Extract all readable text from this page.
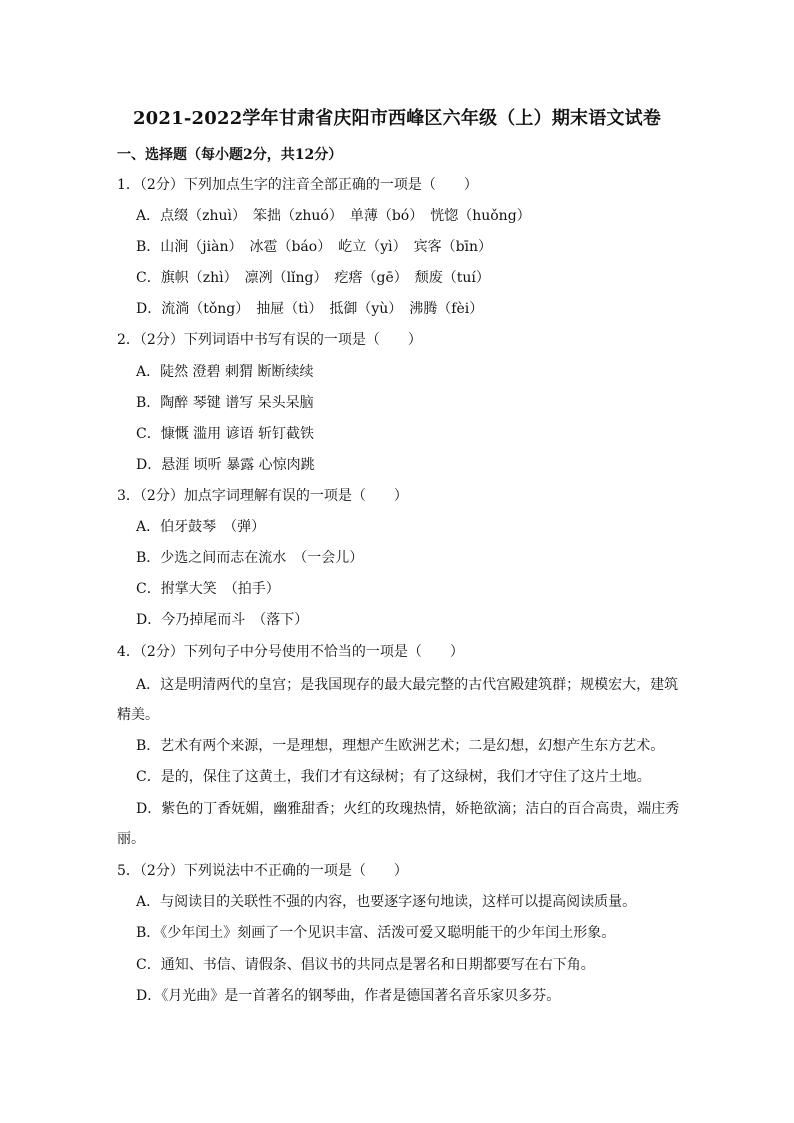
2021-2022学年甘肃省庆阳市西峰区六年级（上）期末语文试卷
一、选择题（每小题2分，共12分）
1．（2分）下列加点生字的注音全部正确的一项是（　　）
A．点缀（zhuì）　笨拙（zhuó）　单薄（bó）　恍惚（huǒng）
B．山涧（jiàn）　冰雹（báo）　屹立（yì）　宾客（bīn）
C．旗帜（zhì）　凛冽（lǐng）　疙瘩（gē）　颓废（tuí）
D．流淌（tǒng）　抽屉（tì）　抵御（yù）　沸腾（fèi）
2．（2分）下列词语中书写有误的一项是（　　）
A．陡然 澄碧 刺猬 断断续续
B．陶醉 琴键 谱写 呆头呆脑
C．慷慨 滥用 谚语 斩钉截铁
D．悬涯 顷听 暴露 心惊肉跳
3．（2分）加点字词理解有误的一项是（　　）
A．伯牙鼓琴　（弹）
B．少选之间而志在流水　（一会儿）
C．拊掌大笑　（拍手）
D．今乃掉尾而斗　（落下）
4．（2分）下列句子中分号使用不恰当的一项是（　　）
A．这是明清两代的皇宫；是我国现存的最大最完整的古代宫殿建筑群；规模宏大，建筑
精美。
B．艺术有两个来源，一是理想，理想产生欧洲艺术；二是幻想，幻想产生东方艺术。
C．是的，保住了这黄土，我们才有这绿树；有了这绿树，我们才守住了这片土地。
D．紫色的丁香妩媚，幽雅甜香；火红的玫瑰热情，娇艳欲滴；洁白的百合高贵，端庄秀
丽。
5．（2分）下列说法中不正确的一项是（　　）
A．与阅读目的关联性不强的内容，也要逐字逐句地读，这样可以提高阅读质量。
B．《少年闰土》刻画了一个见识丰富、活泼可爱又聪明能干的少年闰土形象。
C．通知、书信、请假条、倡议书的共同点是署名和日期都要写在右下角。
D．《月光曲》是一首著名的钢琴曲，作者是德国著名音乐家贝多芬。
